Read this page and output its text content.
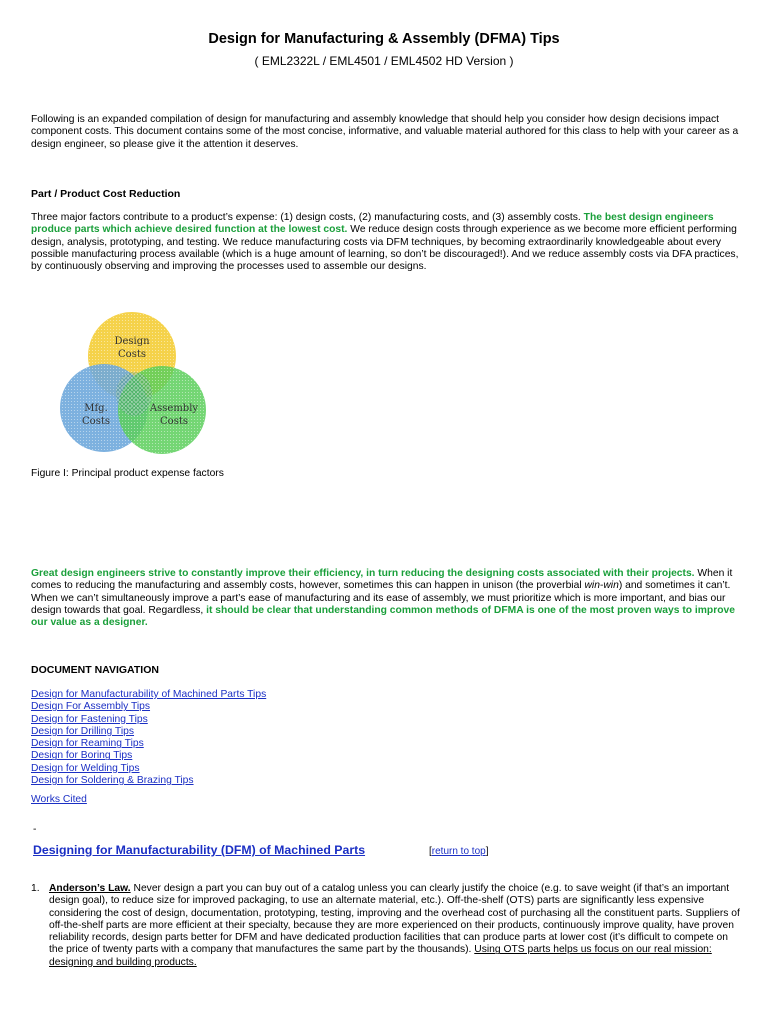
Design for Manufacturing & Assembly (DFMA) Tips
( EML2322L / EML4501 / EML4502 HD Version )
Following is an expanded compilation of design for manufacturing and assembly knowledge that should help you consider how design decisions impact component costs. This document contains some of the most concise, informative, and valuable material authored for this class to help with your career as a design engineer, so please give it the attention it deserves.
Part / Product Cost Reduction
Three major factors contribute to a product’s expense: (1) design costs, (2) manufacturing costs, and (3) assembly costs. The best design engineers produce parts which achieve desired function at the lowest cost. We reduce design costs through experience as we become more efficient performing design, analysis, prototyping, and testing. We reduce manufacturing costs via DFM techniques, by becoming extraordinarily knowledgeable about every possible manufacturing process available (which is a huge amount of learning, so don’t be discouraged!). And we reduce assembly costs via DFA practices, by continuously observing and improving the processes used to assemble our designs.
Design
Costs
Mfg.
Costs
Assembly
Costs
Figure I: Principal product expense factors
Great design engineers strive to constantly improve their efficiency, in turn reducing the designing costs associated with their projects. When it comes to reducing the manufacturing and assembly costs, however, sometimes this can happen in unison (the proverbial win-win) and sometimes it can’t. When we can’t simultaneously improve a part’s ease of manufacturing and its ease of assembly, we must prioritize which is more important, and bias our design towards that goal. Regardless, it should be clear that understanding common methods of DFMA is one of the most proven ways to improve our value as a designer.
DOCUMENT NAVIGATION
Design for Manufacturability of Machined Parts Tips
Design For Assembly Tips
Design for Fastening Tips
Design for Drilling Tips
Design for Reaming Tips
Design for Boring Tips
Design for Welding Tips
Design for Soldering & Brazing Tips
Works Cited
-
Designing for Manufacturability (DFM) of Machined Parts	[return to top]
1. Anderson’s Law. Never design a part you can buy out of a catalog unless you can clearly justify the choice (e.g. to save weight (if that’s an important design goal), to reduce size for improved packaging, to use an alternate material, etc.). Off-the-shelf (OTS) parts are significantly less expensive considering the cost of design, documentation, prototyping, testing, improving and the overhead cost of purchasing all the constituent parts. Suppliers of off-the-shelf parts are more efficient at their specialty, because they are more experienced on their products, continuously improve quality, have proven reliability records, design parts better for DFM and have dedicated production facilities that can produce parts at lower cost (it’s difficult to compete on the price of twenty parts with a company that manufactures the same part by the thousands). Using OTS parts helps us focus on our real mission: designing and building products.
